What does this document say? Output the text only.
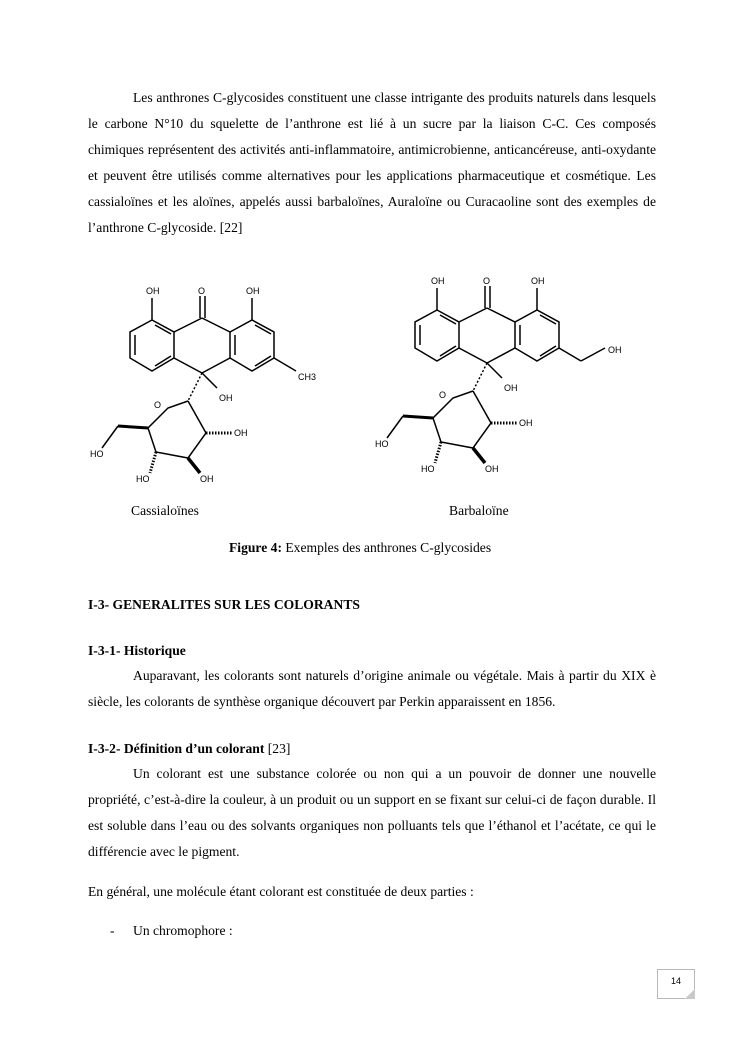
Les anthrones C-glycosides constituent une classe intrigante des produits naturels dans lesquels le carbone N°10 du squelette de l’anthrone est lié à un sucre par la liaison C-C. Ces composés chimiques représentent des activités anti-inflammatoire, antimicrobienne, anticancéreuse, anti-oxydante et peuvent être utilisés comme alternatives pour les applications pharmaceutique et cosmétique. Les cassialoïnes et les aloïnes, appelés aussi barbaloïnes, Auraloïne ou Curacaoline sont des exemples de l’anthrone C-glycoside. [22]

OH	O	OH
CH3
OH
O
OH
HO
HO	OH
OH	O	OH
OH
OH
O
OH
HO
HO	OH

Cassialoïnes	Barbaloïne

Figure 4: Exemples des anthrones C-glycosides

I-3- GENERALITES SUR LES COLORANTS

I-3-1- Historique

Auparavant, les colorants sont naturels d’origine animale ou végétale. Mais à partir du XIX è siècle, les colorants de synthèse organique découvert par Perkin apparaissent en 1856.

I-3-2- Définition d’un colorant [23]

Un colorant est une substance colorée ou non qui a un pouvoir de donner une nouvelle propriété, c’est-à-dire la couleur, à un produit ou un support en se fixant sur celui-ci de façon durable. Il est soluble dans l’eau ou des solvants organiques non polluants tels que l’éthanol et l’acétate, ce qui le différencie avec le pigment.

En général, une molécule étant colorant est constituée de deux parties :

- Un chromophore :
14
